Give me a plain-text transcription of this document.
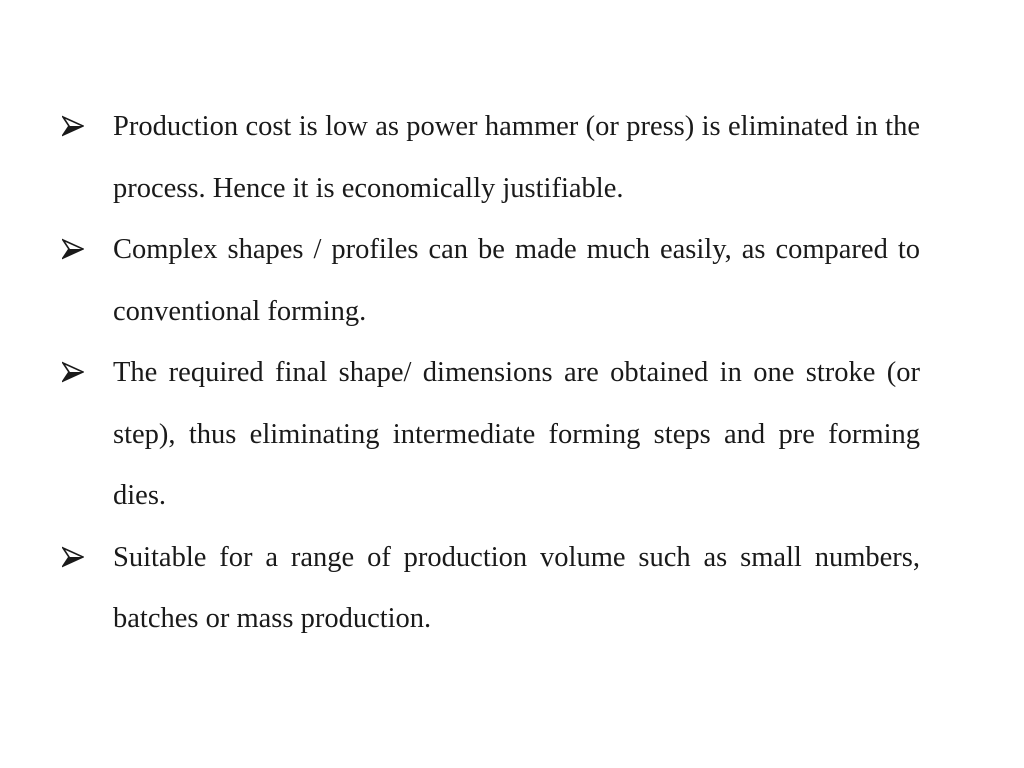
Production cost is low as power hammer (or press) is eliminated in the process. Hence it is economically justifiable.
Complex shapes / profiles can be made much easily, as compared to conventional forming.
The required final shape/ dimensions are obtained in one stroke (or step), thus eliminating intermediate forming steps and pre forming dies.
Suitable for a range of production volume such as small numbers, batches or mass production.
